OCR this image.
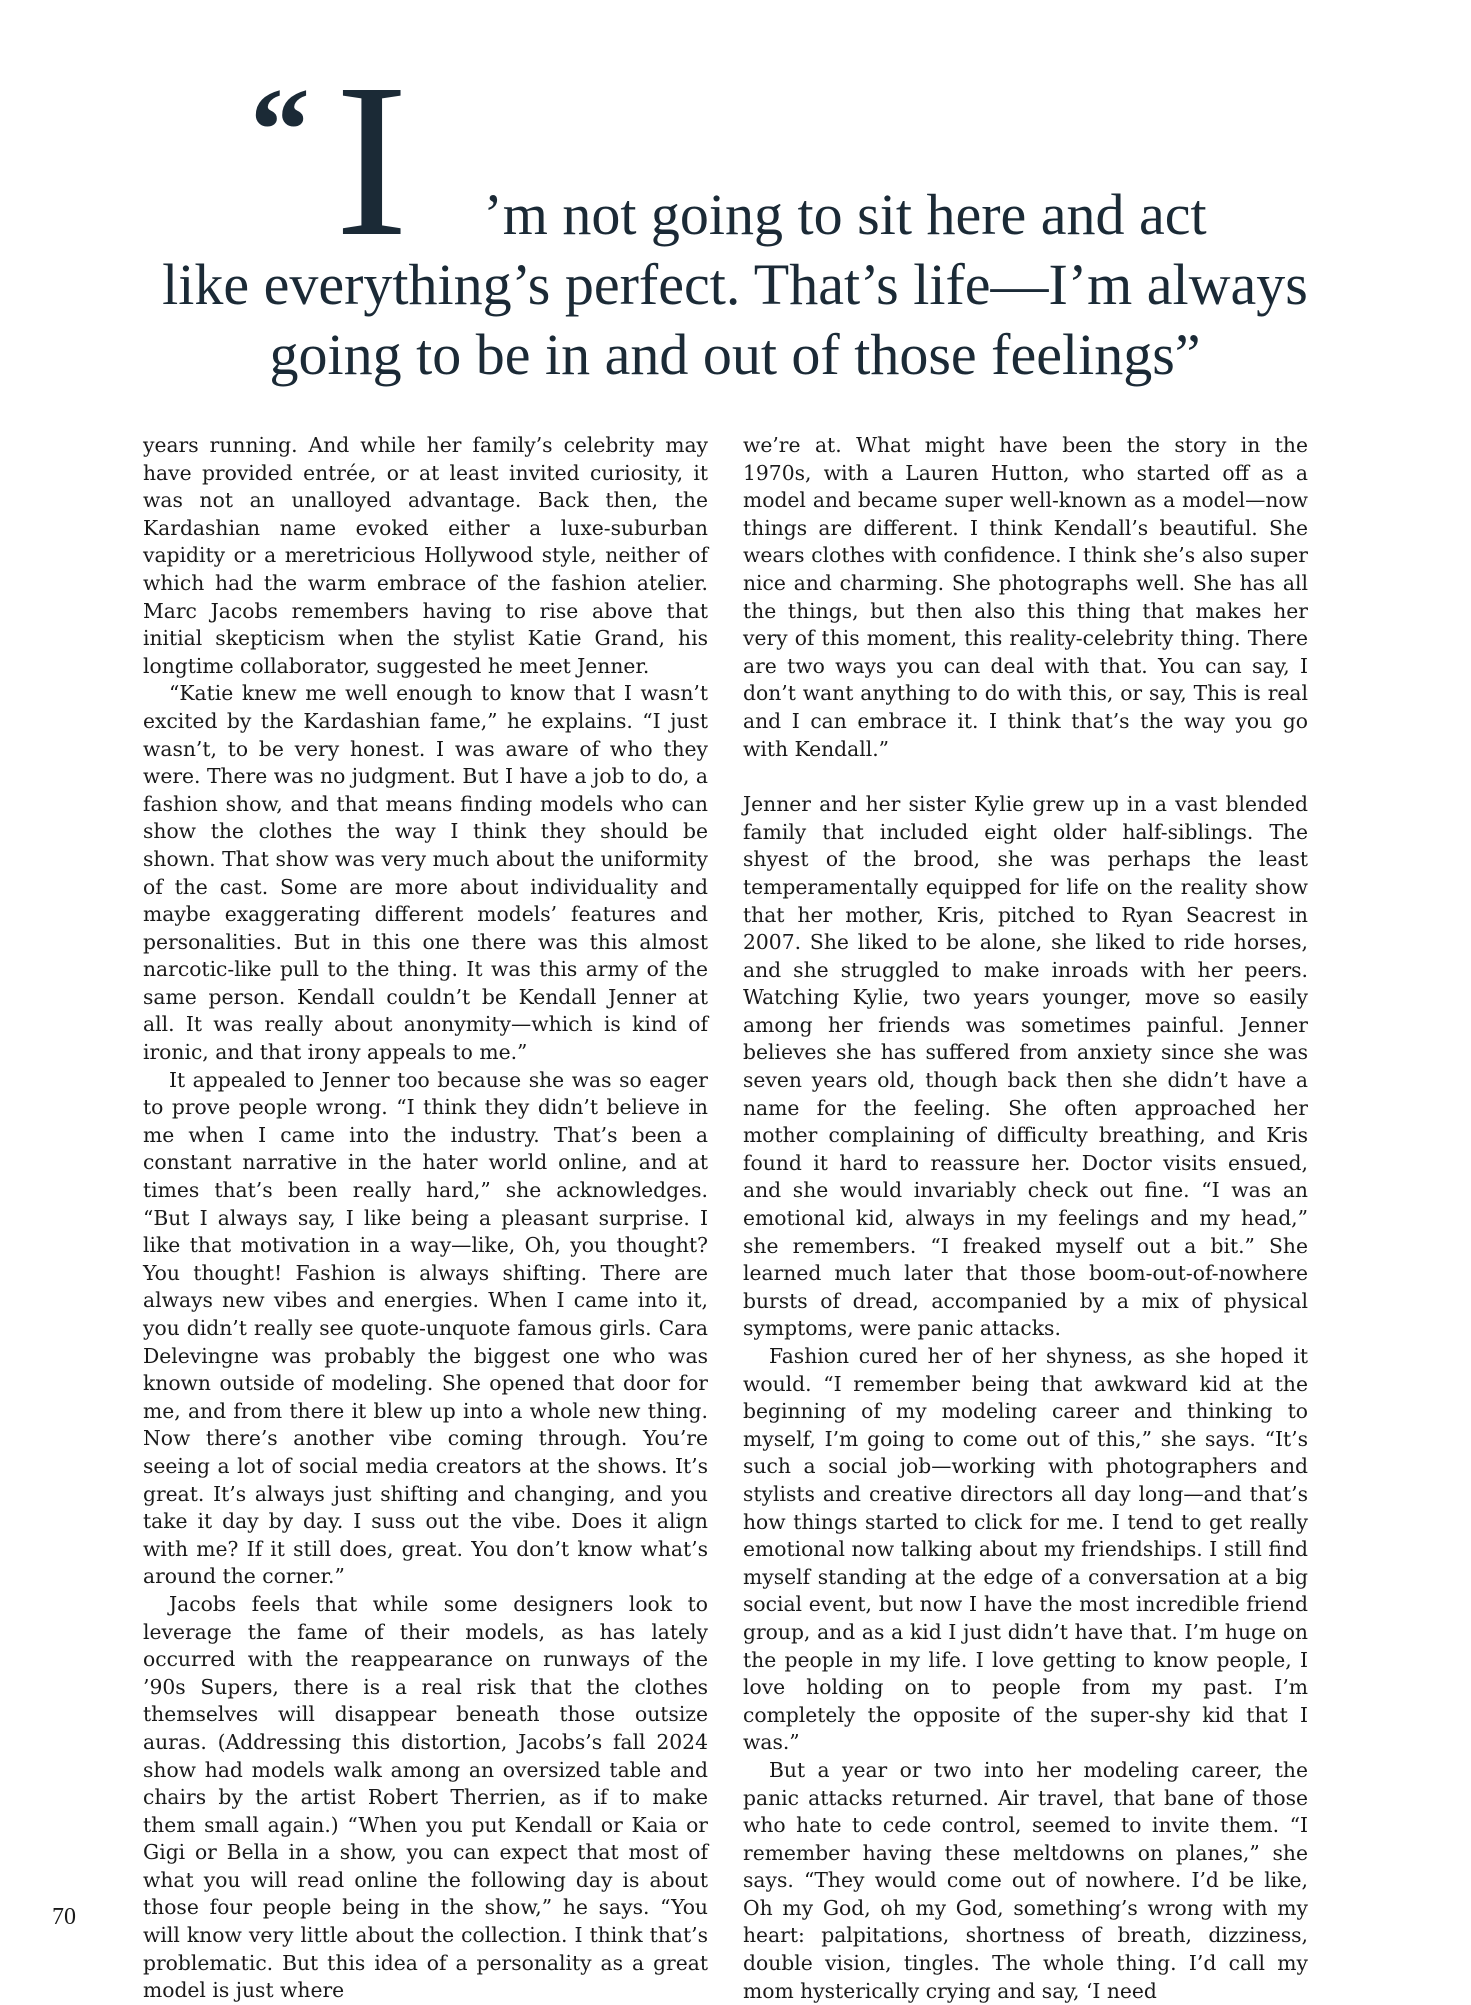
“ I	’m not going to sit here and act
like everything’s perfect. That’s life—I’m always
going to be in and out of those feelings”

years running. And while her family’s celebrity may have provided entrée, or at least invited curiosity, it was not an unalloyed advantage. Back then, the Kardashian name evoked either a luxe-suburban vapidity or a meretricious Hollywood style, neither of which had the warm embrace of the fashion atelier. Marc Jacobs remembers having to rise above that initial skepticism when the stylist Katie Grand, his longtime collaborator, suggested he meet Jenner.

“Katie knew me well enough to know that I wasn’t excited by the Kardashian fame,” he explains. “I just wasn’t, to be very honest. I was aware of who they were. There was no judgment. But I have a job to do, a fashion show, and that means finding models who can show the clothes the way I think they should be shown. That show was very much about the uniformity of the cast. Some are more about individuality and maybe exaggerating different models’ features and personalities. But in this one there was this almost narcotic-like pull to the thing. It was this army of the same person. Kendall couldn’t be Kendall Jenner at all. It was really about anonymity—which is kind of ironic, and that irony appeals to me.”

It appealed to Jenner too because she was so eager to prove people wrong. “I think they didn’t believe in me when I came into the industry. That’s been a constant narrative in the hater world online, and at times that’s been really hard,” she acknowledges. “But I always say, I like being a pleasant surprise. I like that motivation in a way—like, Oh, you thought? You thought! Fashion is always shifting. There are always new vibes and energies. When I came into it, you didn’t really see quote-unquote famous girls. Cara Delevingne was probably the biggest one who was known outside of modeling. She opened that door for me, and from there it blew up into a whole new thing. Now there’s another vibe coming through. You’re seeing a lot of social media creators at the shows. It’s great. It’s always just shifting and changing, and you take it day by day. I suss out the vibe. Does it align with me? If it still does, great. You don’t know what’s around the corner.”

Jacobs feels that while some designers look to leverage the fame of their models, as has lately occurred with the reappearance on runways of the ’90s Supers, there is a real risk that the clothes themselves will disappear beneath those outsize auras. (Addressing this distortion, Jacobs’s fall 2024 show had models walk among an oversized table and chairs by the artist Robert Therrien, as if to make them small again.) “When you put Kendall or Kaia or Gigi or Bella in a show, you can expect that most of what you will read online the following day is about those four people being in the show,” he says. “You will know very little about the collection. I think that’s problematic. But this idea of a personality as a great model is just where

we’re at. What might have been the story in the 1970s, with a Lauren Hutton, who started off as a model and became super well-known as a model—now things are different. I think Kendall’s beautiful. She wears clothes with confidence. I think she’s also super nice and charming. She photographs well. She has all the things, but then also this thing that makes her very of this moment, this reality-celebrity thing. There are two ways you can deal with that. You can say, I don’t want anything to do with this, or say, This is real and I can embrace it. I think that’s the way you go with Kendall.”

Jenner and her sister Kylie grew up in a vast blended family that included eight older half-siblings. The shyest of the brood, she was perhaps the least temperamentally equipped for life on the reality show that her mother, Kris, pitched to Ryan Seacrest in 2007. She liked to be alone, she liked to ride horses, and she struggled to make inroads with her peers. Watching Kylie, two years younger, move so easily among her friends was sometimes painful. Jenner believes she has suffered from anxiety since she was seven years old, though back then she didn’t have a name for the feeling. She often approached her mother complaining of difficulty breathing, and Kris found it hard to reassure her. Doctor visits ensued, and she would invariably check out fine. “I was an emotional kid, always in my feelings and my head,” she remembers. “I freaked myself out a bit.” She learned much later that those boom-out-of-nowhere bursts of dread, accompanied by a mix of physical symptoms, were panic attacks.

Fashion cured her of her shyness, as she hoped it would. “I remember being that awkward kid at the beginning of my modeling career and thinking to myself, I’m going to come out of this,” she says. “It’s such a social job—working with photographers and stylists and creative directors all day long—and that’s how things started to click for me. I tend to get really emotional now talking about my friendships. I still find myself standing at the edge of a conversation at a big social event, but now I have the most incredible friend group, and as a kid I just didn’t have that. I’m huge on the people in my life. I love getting to know people, I love holding on to people from my past. I’m completely the opposite of the super-shy kid that I was.”

But a year or two into her modeling career, the panic attacks returned. Air travel, that bane of those who hate to cede control, seemed to invite them. “I remember having these meltdowns on planes,” she says. “They would come out of nowhere. I’d be like, Oh my God, oh my God, something’s wrong with my heart: palpitations, shortness of breath, dizziness, double vision, tingles. The whole thing. I’d call my mom hysterically crying and say, ‘I need

70
